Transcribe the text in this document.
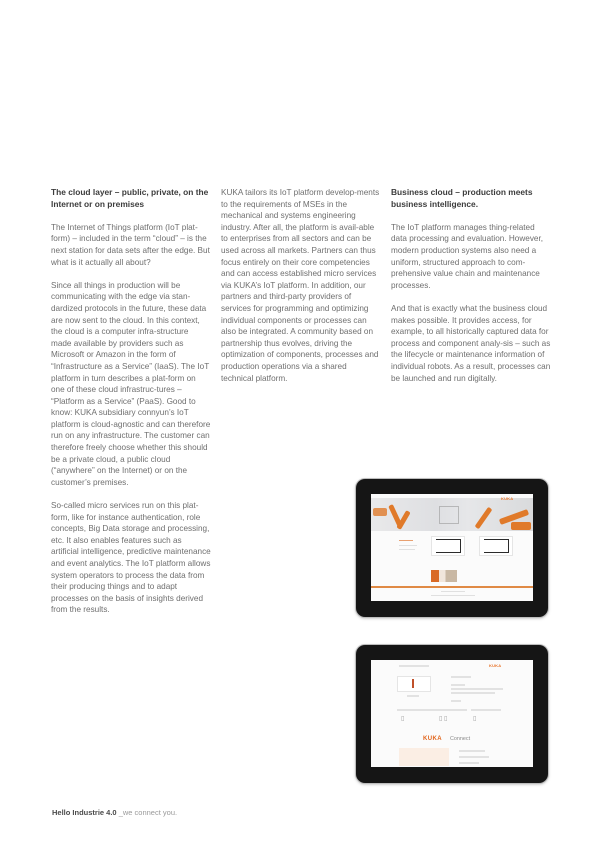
The cloud layer – public, private, on the Internet or on premises

The Internet of Things platform (IoT plat-form) – included in the term “cloud” – is the next station for data sets after the edge. But what is it actually all about?

Since all things in production will be communicating with the edge via stan-dardized protocols in the future, these data are now sent to the cloud. In this context, the cloud is a computer infra-structure made available by providers such as Microsoft or Amazon in the form of “Infrastructure as a Service” (IaaS). The IoT platform in turn describes a plat-form on one of these cloud infrastruc-tures – “Platform as a Service” (PaaS). Good to know: KUKA subsidiary connyun’s IoT platform is cloud-agnostic and can therefore run on any infrastructure. The customer can therefore freely choose whether this should be a private cloud, a public cloud (“anywhere” on the Internet) or on the customer’s premises.

So-called micro services run on this plat-form, like for instance authentication, role concepts, Big Data storage and processing, etc. It also enables features such as artificial intelligence, predictive maintenance and event analytics. The IoT platform allows system operators to process the data from their producing things and to adapt processes on the basis of insights derived from the results.

KUKA tailors its IoT platform develop-ments to the requirements of MSEs in the mechanical and systems engineering industry. After all, the platform is avail-able to enterprises from all sectors and can be used across all markets. Partners can thus focus entirely on their core competencies and can access established micro services via KUKA’s IoT platform. In addition, our partners and third-party providers of services for programming and optimizing individual components or processes can also be integrated. A community based on partnership thus evolves, driving the optimization of components, processes and production operations via a shared technical platform.

Business cloud – production meets business intelligence.

The IoT platform manages thing-related data processing and evaluation. However, modern production systems also need a uniform, structured approach to com-prehensive value chain and maintenance processes.

And that is exactly what the business cloud makes possible. It provides access, for example, to all historically captured data for process and component analy-sis – such as the lifecycle or maintenance information of individual robots. As a result, processes can be launched and run digitally.

KUKA
KUKA
▯	▯ ▯	▯
KUKA Connect
Hello Industrie 4.0 _we connect you.
